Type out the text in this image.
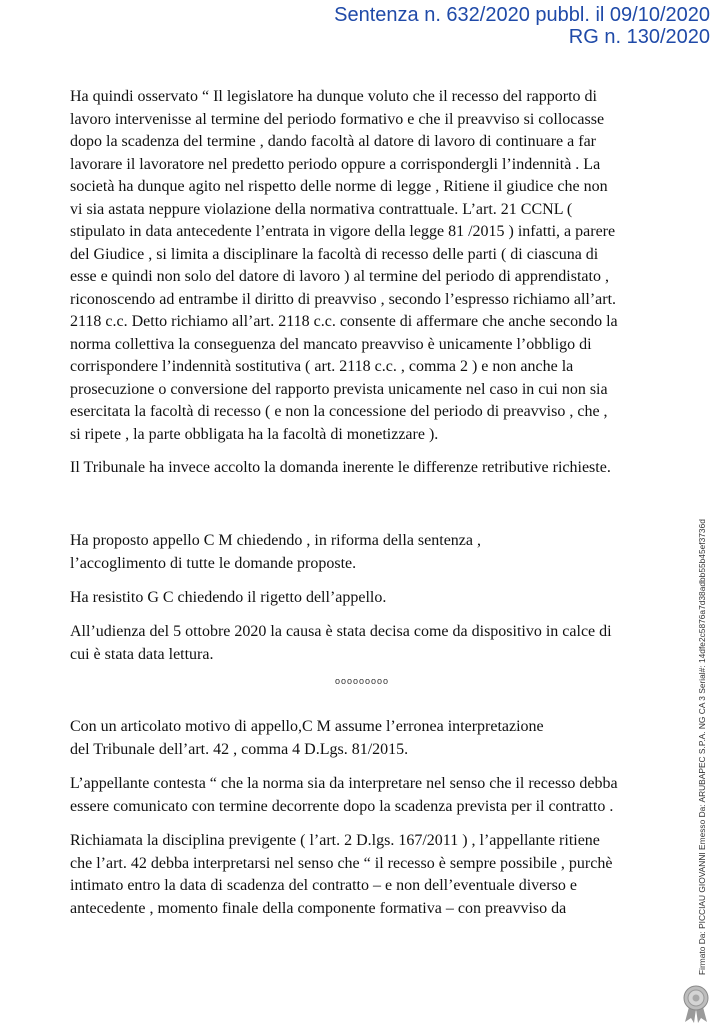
Sentenza n. 632/2020 pubbl. il 09/10/2020
RG n. 130/2020
Ha quindi osservato “ Il legislatore ha dunque voluto che il recesso del rapporto di
lavoro intervenisse al termine del periodo formativo e che il preavviso si collocasse
dopo la scadenza del termine , dando facoltà al datore di lavoro di continuare a far
lavorare il lavoratore nel predetto periodo oppure a corrispondergli l’indennità . La
società ha dunque agito nel rispetto delle norme di legge , Ritiene il giudice che non
vi sia astata neppure violazione della normativa contrattuale. L’art. 21 CCNL (
stipulato in data antecedente l’entrata in vigore della legge 81 /2015 ) infatti, a parere
del Giudice , si limita a disciplinare la facoltà di recesso delle parti ( di ciascuna di
esse e quindi non solo del datore di lavoro ) al termine del periodo di apprendistato ,
riconoscendo ad entrambe il diritto di preavviso , secondo l’espresso richiamo all’art.
2118 c.c. Detto richiamo all’art. 2118 c.c. consente di affermare che anche secondo la
norma collettiva la conseguenza del mancato preavviso è unicamente l’obbligo di
corrispondere l’indennità sostitutiva ( art. 2118 c.c. , comma 2 ) e non anche la
prosecuzione o conversione del rapporto prevista unicamente nel caso in cui non sia
esercitata la facoltà di recesso ( e non la concessione del periodo di preavviso , che ,
si ripete , la parte obbligata ha la facoltà di monetizzare ).
Il Tribunale ha invece accolto la domanda inerente le differenze retributive richieste.
Ha proposto appello C M chiedendo , in riforma della sentenza ,
l’accoglimento di tutte le domande proposte.
Ha resistito G C chiedendo il rigetto dell’appello.
All’udienza del 5 ottobre 2020 la causa è stata decisa come da dispositivo in calce di
cui è stata data lettura.
ooooooooo
Con un articolato motivo di appello,C M assume l’erronea interpretazione
del Tribunale dell’art. 42 , comma 4 D.Lgs. 81/2015.
L’appellante contesta “ che la norma sia da interpretare nel senso che il recesso debba
essere comunicato con termine decorrente dopo la scadenza prevista per il contratto .
Richiamata la disciplina previgente ( l’art. 2 D.lgs. 167/2011 ) , l’appellante ritiene
che l’art. 42 debba interpretarsi nel senso che “ il recesso è sempre possibile , purchè
intimato entro la data di scadenza del contratto – e non dell’eventuale diverso e
antecedente , momento finale della componente formativa – con preavviso da	Firmato Da: PICCIAU GIOVANNI Emesso Da: ARUBAPEC S.P.A. NG CA 3 Serial#: 14dfe2c5876a7d38adbb55b45ef3736d
